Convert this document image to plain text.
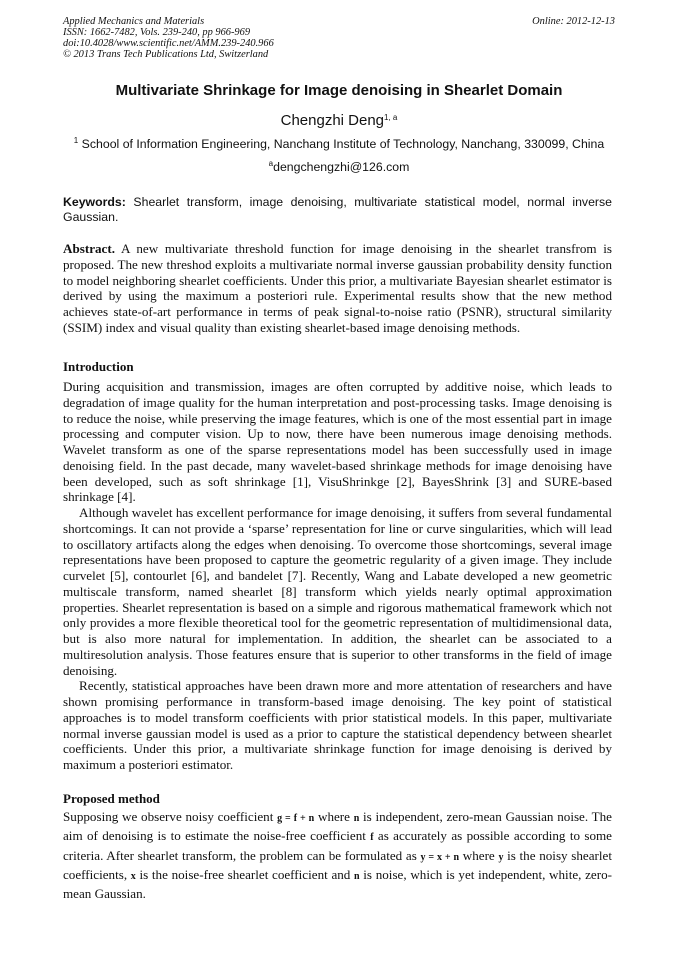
Applied Mechanics and Materials
ISSN: 1662-7482, Vols. 239-240, pp 966-969
doi:10.4028/www.scientific.net/AMM.239-240.966
© 2013 Trans Tech Publications Ltd, Switzerland
Online: 2012-12-13
Multivariate Shrinkage for Image denoising in Shearlet Domain
Chengzhi Deng$^{1, a}$
$^1$ School of Information Engineering, Nanchang Institute of Technology, Nanchang, 330099, China
$^a$dengchengzhi@126.com
Keywords: Shearlet transform, image denoising, multivariate statistical model, normal inverse Gaussian.

Abstract. A new multivariate threshold function for image denoising in the shearlet transfrom is proposed. The new threshod exploits a multivariate normal inverse gaussian probability density function to model neighboring shearlet coefficients. Under this prior, a multivariate Bayesian shearlet estimator is derived by using the maximum a posteriori rule. Experimental results show that the new method achieves state-of-art performance in terms of peak signal-to-noise ratio (PSNR), structural similarity (SSIM) index and visual quality than existing shearlet-based image denoising methods.

Introduction

During acquisition and transmission, images are often corrupted by additive noise, which leads to degradation of image quality for the human interpretation and post-processing tasks. Image denoising is to reduce the noise, while preserving the image features, which is one of the most essential part in image processing and computer vision. Up to now, there have been numerous image denoising methods. Wavelet transform as one of the sparse representations model has been successfully used in image denoising field. In the past decade, many wavelet-based shrinkage methods for image denoising have been developed, such as soft shrinkage [1], VisuShrinkge [2], BayesShrink [3] and SURE-based shrinkage [4].

Although wavelet has excellent performance for image denoising, it suffers from several fundamental shortcomings. It can not provide a ‘sparse’ representation for line or curve singularities, which will lead to oscillatory artifacts along the edges when denoising. To overcome those shortcomings, several image representations have been proposed to capture the geometric regularity of a given image. They include curvelet [5], contourlet [6], and bandelet [7]. Recently, Wang and Labate developed a new geometric multiscale transform, named shearlet [8] transform which yields nearly optimal approximation properties. Shearlet representation is based on a simple and rigorous mathematical framework which not only provides a more flexible theoretical tool for the geometric representation of multidimensional data, but is also more natural for implementation. In addition, the shearlet can be associated to a multiresolution analysis. Those features ensure that is superior to other transforms in the field of image denoising.

Recently, statistical approaches have been drawn more and more attentation of researchers and have shown promising performance in transform-based image denoising. The key point of statistical approaches is to model transform coefficients with prior statistical models. In this paper, multivariate normal inverse gaussian model is used as a prior to capture the statistical dependency between shearlet coefficients. Under this prior, a multivariate shrinkage function for image denoising is derived by maximum a posteriori estimator.

Proposed method

Supposing we observe noisy coefficient g = f + n where n is independent, zero-mean Gaussian noise. The aim of denoising is to estimate the noise-free coefficient f as accurately as possible according to some criteria. After shearlet transform, the problem can be formulated as y = x + n where y is the noisy shearlet coefficients, x is the noise-free shearlet coefficient and n is noise, which is yet independent, white, zero-mean Gaussian.
